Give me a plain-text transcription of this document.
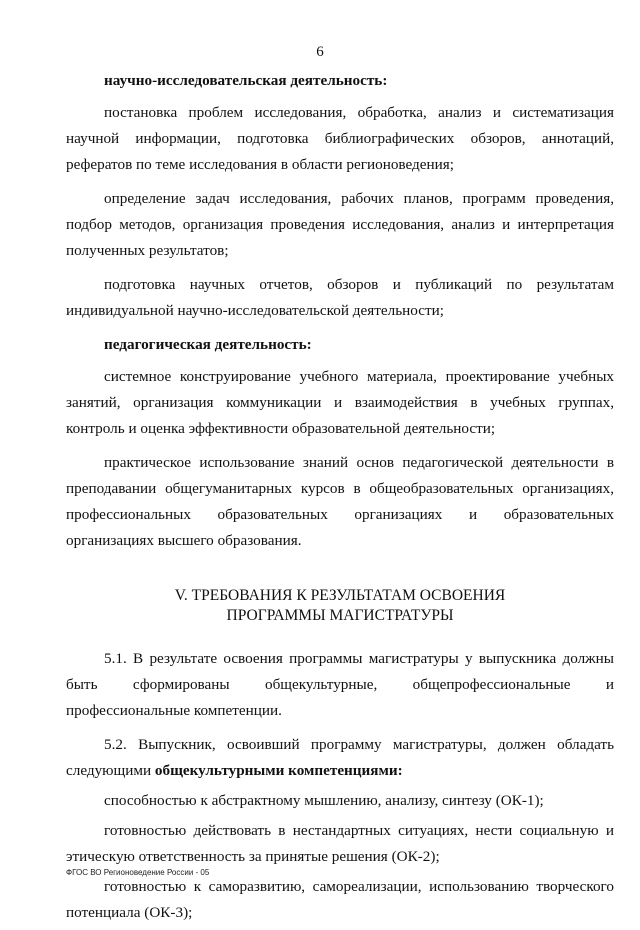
6

научно-исследовательская деятельность:

постановка проблем исследования, обработка, анализ и систематизация научной информации, подготовка библиографических обзоров, аннотаций, рефератов по теме исследования в области регионоведения;

определение задач исследования, рабочих планов, программ проведения, подбор методов, организация проведения исследования, анализ и интерпретация полученных результатов;

подготовка научных отчетов, обзоров и публикаций по результатам индивидуальной научно-исследовательской деятельности;

педагогическая деятельность:

системное конструирование учебного материала, проектирование учебных занятий, организация коммуникации и взаимодействия в учебных группах, контроль и оценка эффективности образовательной деятельности;

практическое использование знаний основ педагогической деятельности в преподавании общегуманитарных курсов в общеобразовательных организациях, профессиональных образовательных организациях и образовательных организациях высшего образования.

V. ТРЕБОВАНИЯ К РЕЗУЛЬТАТАМ ОСВОЕНИЯ
ПРОГРАММЫ МАГИСТРАТУРЫ

5.1. В результате освоения программы магистратуры у выпускника должны быть сформированы общекультурные, общепрофессиональные и профессиональные компетенции.

5.2. Выпускник, освоивший программу магистратуры, должен обладать следующими общекультурными компетенциями:

способностью к абстрактному мышлению, анализу, синтезу (ОК-1);

готовностью действовать в нестандартных ситуациях, нести социальную и этическую ответственность за принятые решения (ОК-2);

готовностью к саморазвитию, самореализации, использованию творческого потенциала (ОК-3);

ФГОС ВО Регионоведение России - 05
